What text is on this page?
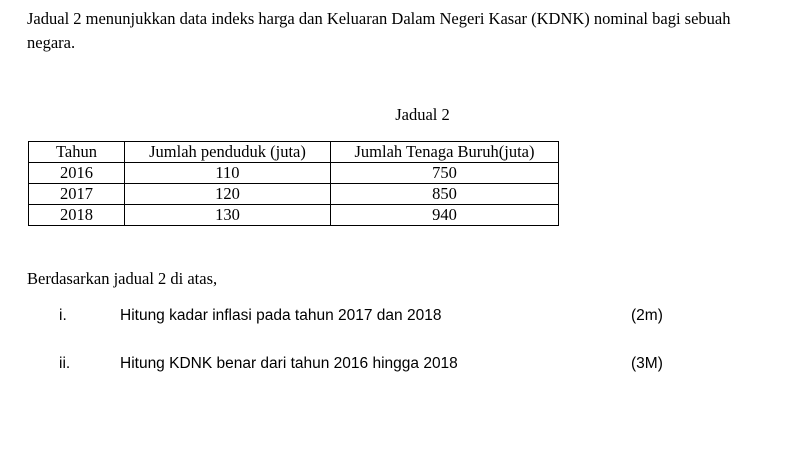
Jadual 2 menunjukkan data indeks harga dan Keluaran Dalam Negeri Kasar (KDNK) nominal bagi sebuah negara.
Jadual 2
Tahun	Jumlah penduduk (juta)	Jumlah Tenaga Buruh(juta)
2016	110	750
2017	120	850
2018	130	940
Berdasarkan jadual 2 di atas,
i.	Hitung kadar inflasi pada tahun 2017 dan 2018	(2m)
ii.	Hitung KDNK benar dari tahun 2016 hingga 2018	(3M)
